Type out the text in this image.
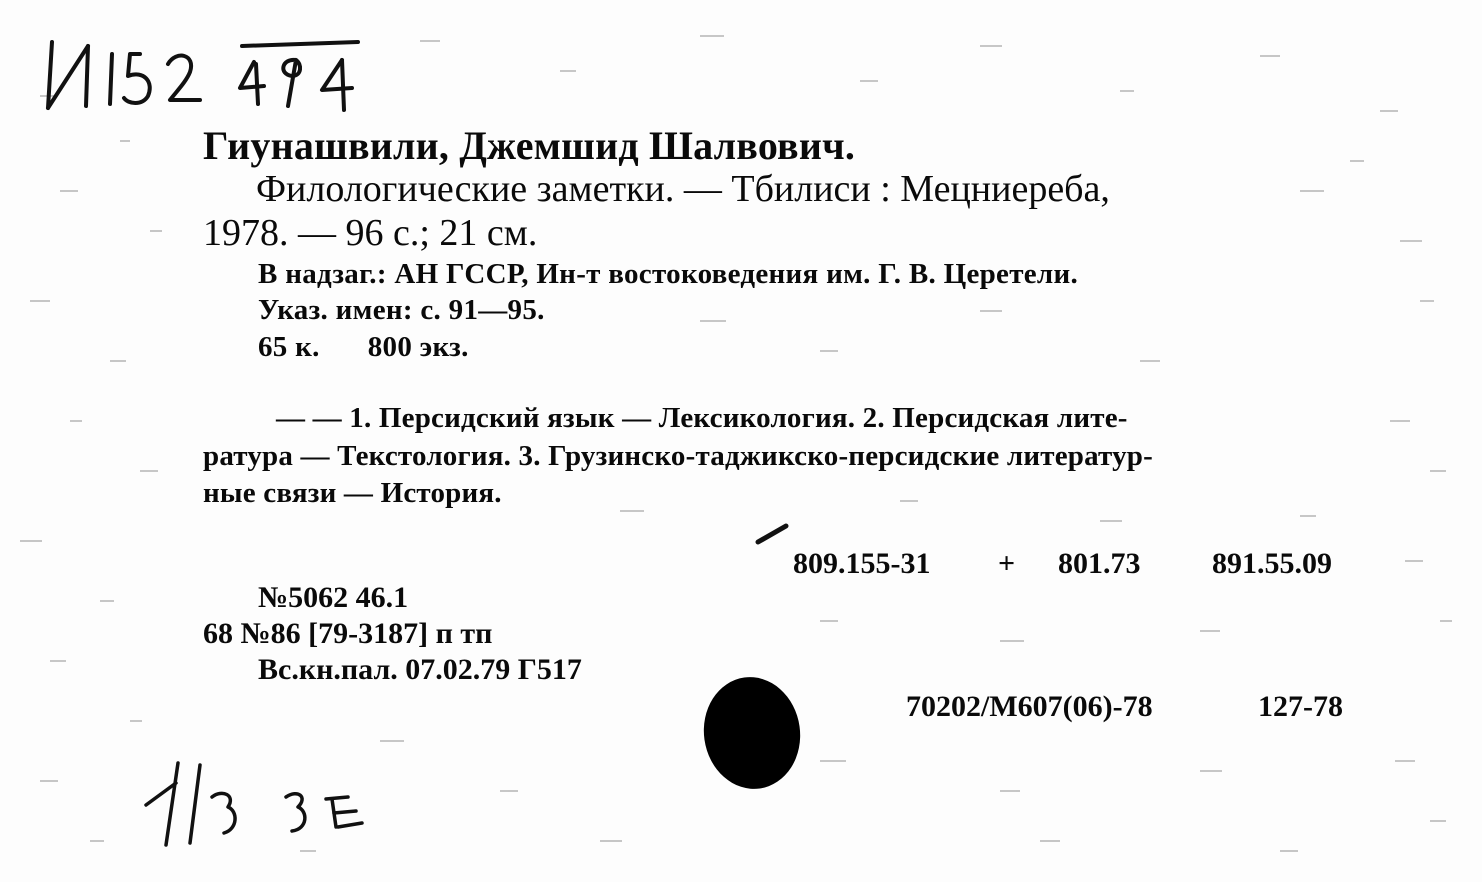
Гиунашвили, Джемшид Шалвович.
Филологические заметки. — Тбилиси : Мецниереба,
1978. — 96 с.; 21 см.
В надзаг.: АН ГССР, Ин-т востоковедения им. Г. В. Церетели.
Указ. имен: с. 91—95.
65 к. 800 экз.
— — 1. Персидский язык — Лексикология. 2. Персидская лите-
ратура — Текстология. 3. Грузинско-таджикско-персидские литератур-
ные связи — История.
809.155-31 + 801.73 891.55.09
№5062 46.1
68 №86 [79-3187] п тп
Вс.кн.пал. 07.02.79 Г517
70202/М607(06)-78	127-78
